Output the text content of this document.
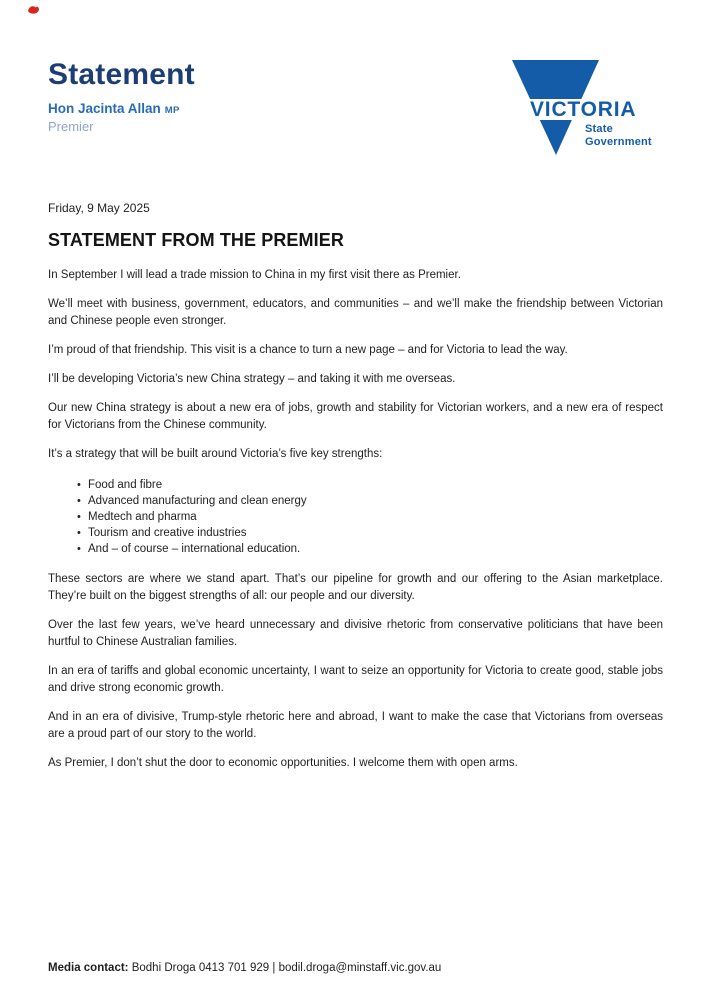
Statement

Hon Jacinta Allan MP

Premier

VICTORIA
State
Government

Friday, 9 May 2025

STATEMENT FROM THE PREMIER

In September I will lead a trade mission to China in my first visit there as Premier.

We’ll meet with business, government, educators, and communities – and we’ll make the friendship between Victorian and Chinese people even stronger.

I’m proud of that friendship. This visit is a chance to turn a new page – and for Victoria to lead the way.

I’ll be developing Victoria’s new China strategy – and taking it with me overseas.

Our new China strategy is about a new era of jobs, growth and stability for Victorian workers, and a new era of respect for Victorians from the Chinese community.

It’s a strategy that will be built around Victoria’s five key strengths:

• Food and fibre
• Advanced manufacturing and clean energy
• Medtech and pharma
• Tourism and creative industries
• And – of course – international education.

These sectors are where we stand apart. That’s our pipeline for growth and our offering to the Asian marketplace. They’re built on the biggest strengths of all: our people and our diversity.

Over the last few years, we’ve heard unnecessary and divisive rhetoric from conservative politicians that have been hurtful to Chinese Australian families.

In an era of tariffs and global economic uncertainty, I want to seize an opportunity for Victoria to create good, stable jobs and drive strong economic growth.

And in an era of divisive, Trump-style rhetoric here and abroad, I want to make the case that Victorians from overseas are a proud part of our story to the world.

As Premier, I don’t shut the door to economic opportunities. I welcome them with open arms.

Media contact: Bodhi Droga 0413 701 929 | bodil.droga@minstaff.vic.gov.au
